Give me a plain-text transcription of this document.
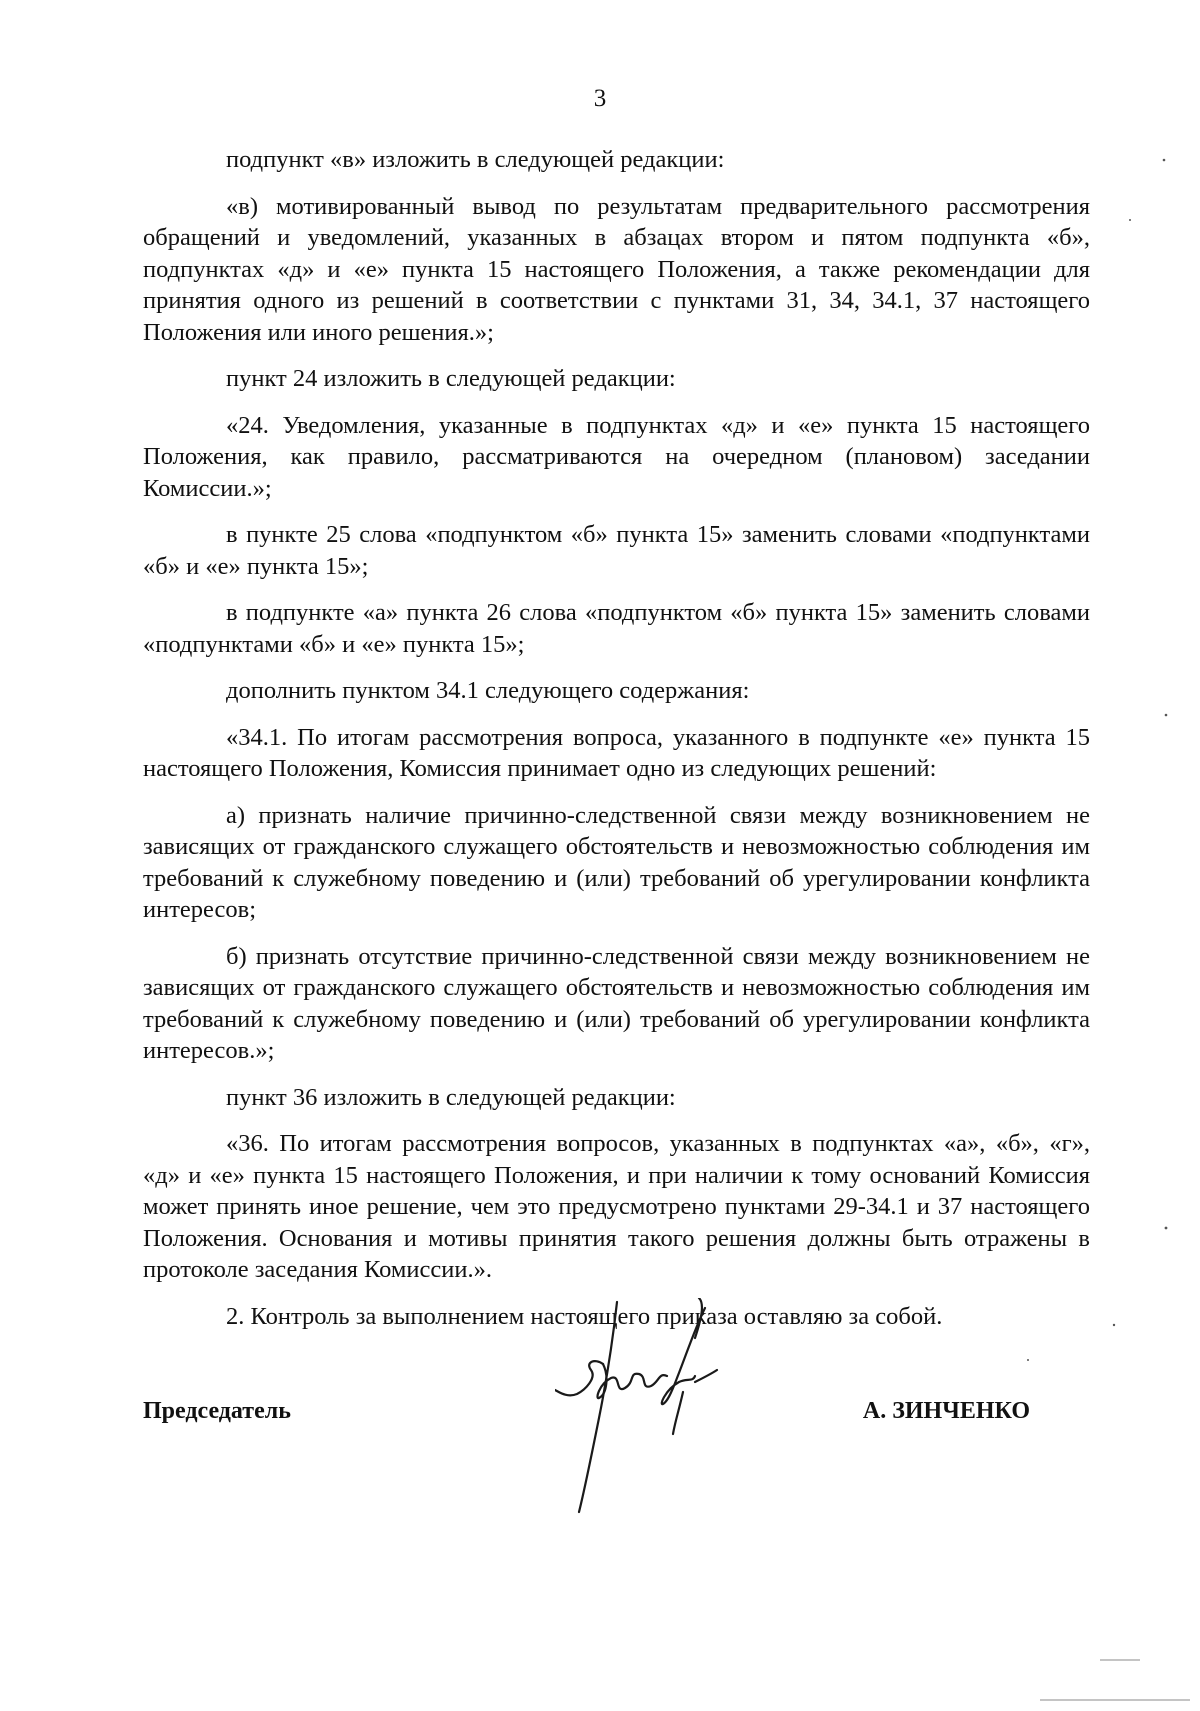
3

подпункт «в» изложить в следующей редакции:

«в) мотивированный вывод по результатам предварительного рассмотрения обращений и уведомлений, указанных в абзацах втором и пятом подпункта «б», подпунктах «д» и «е» пункта 15 настоящего Положения, а также рекомендации для принятия одного из решений в соответствии с пунктами 31, 34, 34.1, 37 настоящего Положения или иного решения.»;

пункт 24 изложить в следующей редакции:

«24. Уведомления, указанные в подпунктах «д» и «е» пункта 15 настоящего Положения, как правило, рассматриваются на очередном (плановом) заседании Комиссии.»;

в пункте 25 слова «подпунктом «б» пункта 15» заменить словами «подпунктами «б» и «е» пункта 15»;

в подпункте «а» пункта 26 слова «подпунктом «б» пункта 15» заменить словами «подпунктами «б» и «е» пункта 15»;

дополнить пунктом 34.1 следующего содержания:

«34.1. По итогам рассмотрения вопроса, указанного в подпункте «е» пункта 15 настоящего Положения, Комиссия принимает одно из следующих решений:

а) признать наличие причинно-следственной связи между возникновением не зависящих от гражданского служащего обстоятельств и невозможностью соблюдения им требований к служебному поведению и (или) требований об урегулировании конфликта интересов;

б) признать отсутствие причинно-следственной связи между возникновением не зависящих от гражданского служащего обстоятельств и невозможностью соблюдения им требований к служебному поведению и (или) требований об урегулировании конфликта интересов.»;

пункт 36 изложить в следующей редакции:

«36. По итогам рассмотрения вопросов, указанных в подпунктах «а», «б», «г», «д» и «е» пункта 15 настоящего Положения, и при наличии к тому оснований Комиссия может принять иное решение, чем это предусмотрено пунктами 29-34.1 и 37 настоящего Положения. Основания и мотивы принятия такого решения должны быть отражены в протоколе заседания Комиссии.».

2. Контроль за выполнением настоящего приказа оставляю за собой.

Председатель	А. ЗИНЧЕНКО
